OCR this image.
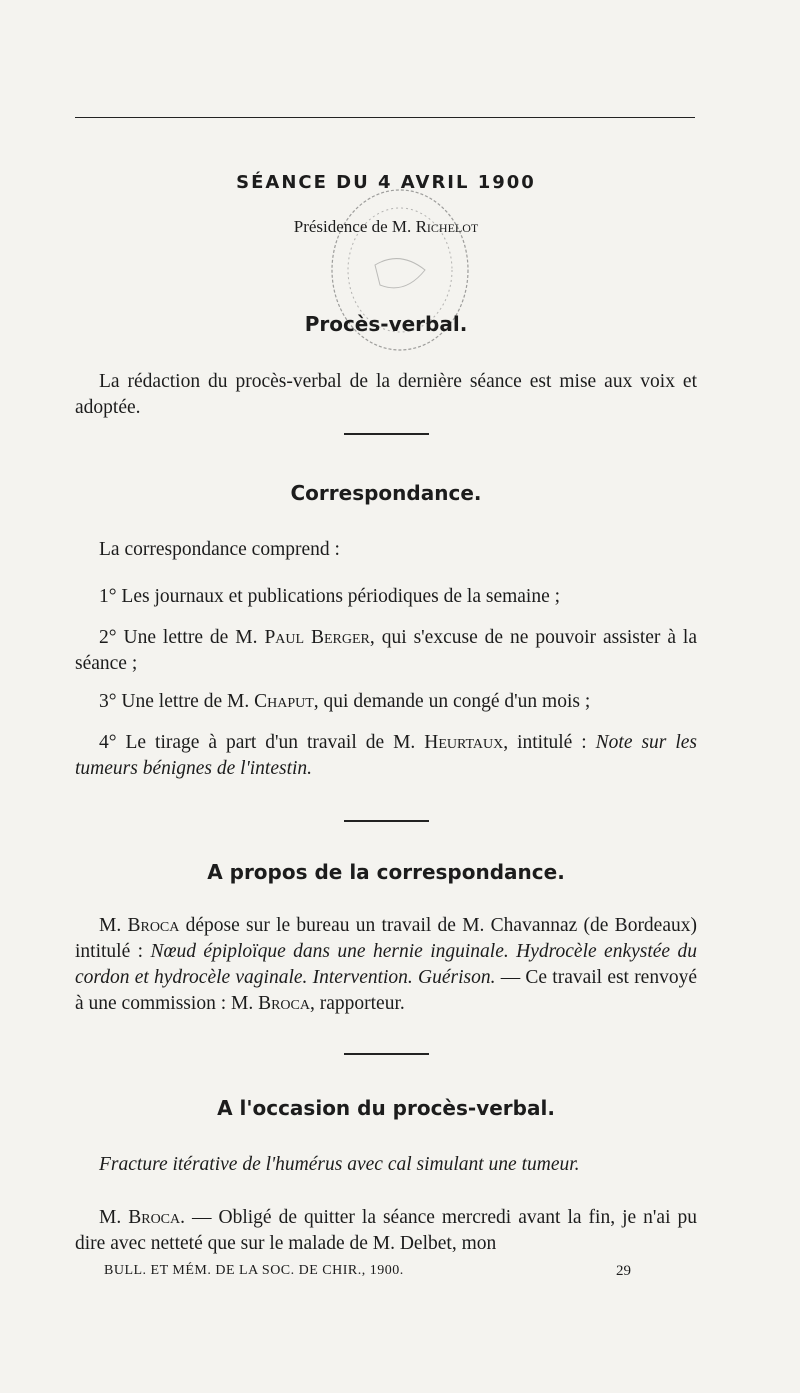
SÉANCE DU 4 AVRIL 1900
Présidence de M. Richelot
Procès-verbal.
La rédaction du procès-verbal de la dernière séance est mise aux voix et adoptée.
Correspondance.
La correspondance comprend :
1° Les journaux et publications périodiques de la semaine ;
2° Une lettre de M. Paul Berger, qui s'excuse de ne pouvoir assister à la séance ;
3° Une lettre de M. Chaput, qui demande un congé d'un mois ;
4° Le tirage à part d'un travail de M. Heurtaux, intitulé : Note sur les tumeurs bénignes de l'intestin.
A propos de la correspondance.
M. Broca dépose sur le bureau un travail de M. Chavannaz (de Bordeaux) intitulé : Nœud épiploïque dans une hernie inguinale. Hydrocèle enkystée du cordon et hydrocèle vaginale. Intervention. Guérison. — Ce travail est renvoyé à une commission : M. Broca, rapporteur.
A l'occasion du procès-verbal.
Fracture itérative de l'humérus avec cal simulant une tumeur.
M. Broca. — Obligé de quitter la séance mercredi avant la fin, je n'ai pu dire avec netteté que sur le malade de M. Delbet, mon
BULL. ET MÉM. DE LA SOC. DE CHIR., 1900.	29
